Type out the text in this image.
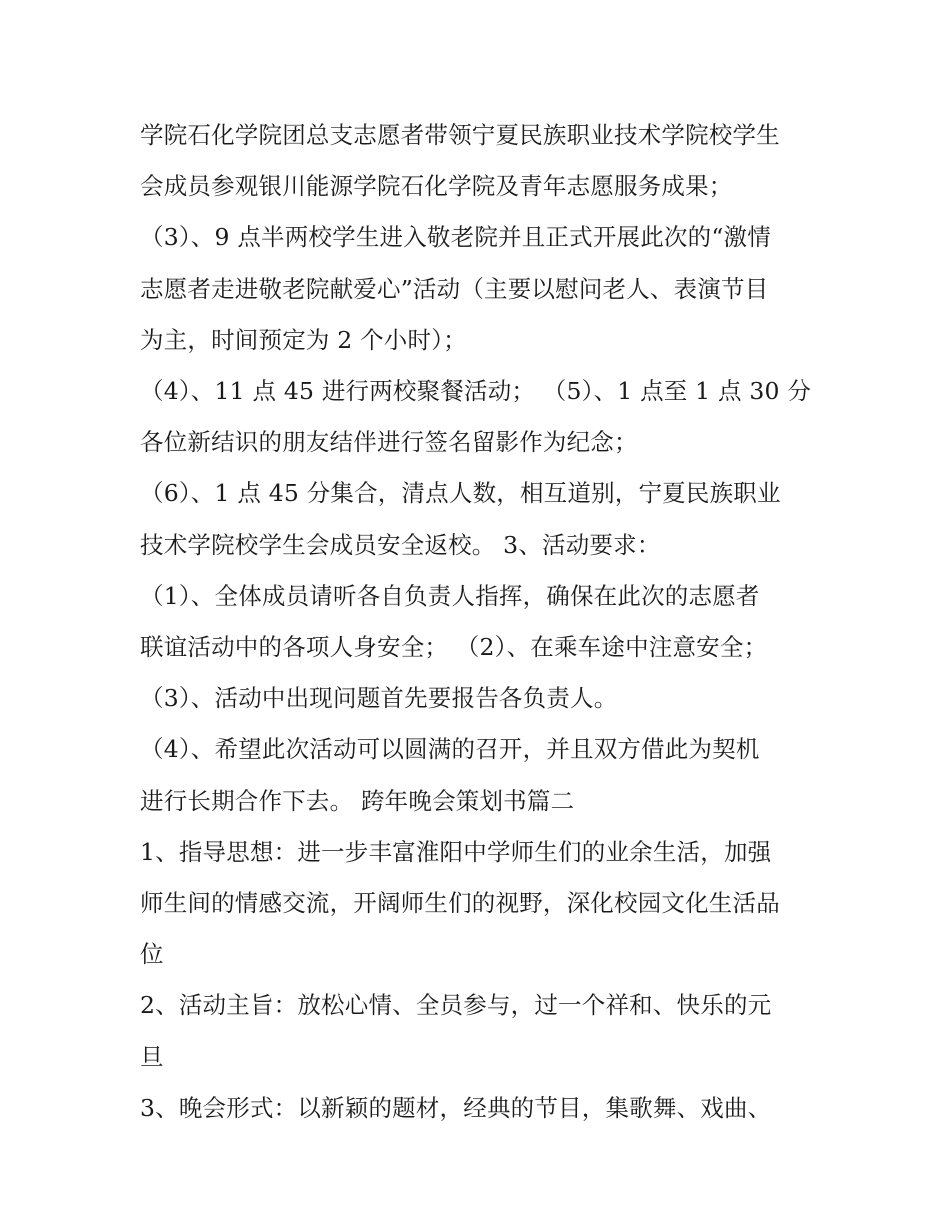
学院石化学院团总支志愿者带领宁夏民族职业技术学院校学生
会成员参观银川能源学院石化学院及青年志愿服务成果；
（3）、9 点半两校学生进入敬老院并且正式开展此次的“激情
志愿者走进敬老院献爱心”活动（主要以慰问老人、表演节目
为主，时间预定为 2 个小时）；
（4）、11 点 45 进行两校聚餐活动； （5）、1 点至 1 点 30 分
各位新结识的朋友结伴进行签名留影作为纪念；
（6）、1 点 45 分集合，清点人数，相互道别，宁夏民族职业
技术学院校学生会成员安全返校。 3、活动要求：
（1）、全体成员请听各自负责人指挥，确保在此次的志愿者
联谊活动中的各项人身安全； （2）、在乘车途中注意安全；
（3）、活动中出现问题首先要报告各负责人。
（4）、希望此次活动可以圆满的召开，并且双方借此为契机
进行长期合作下去。 跨年晚会策划书篇二
1、指导思想：进一步丰富淮阳中学师生们的业余生活，加强
师生间的情感交流，开阔师生们的视野，深化校园文化生活品
位
2、活动主旨：放松心情、全员参与，过一个祥和、快乐的元
旦
3、晚会形式：以新颖的题材，经典的节目，集歌舞、戏曲、
